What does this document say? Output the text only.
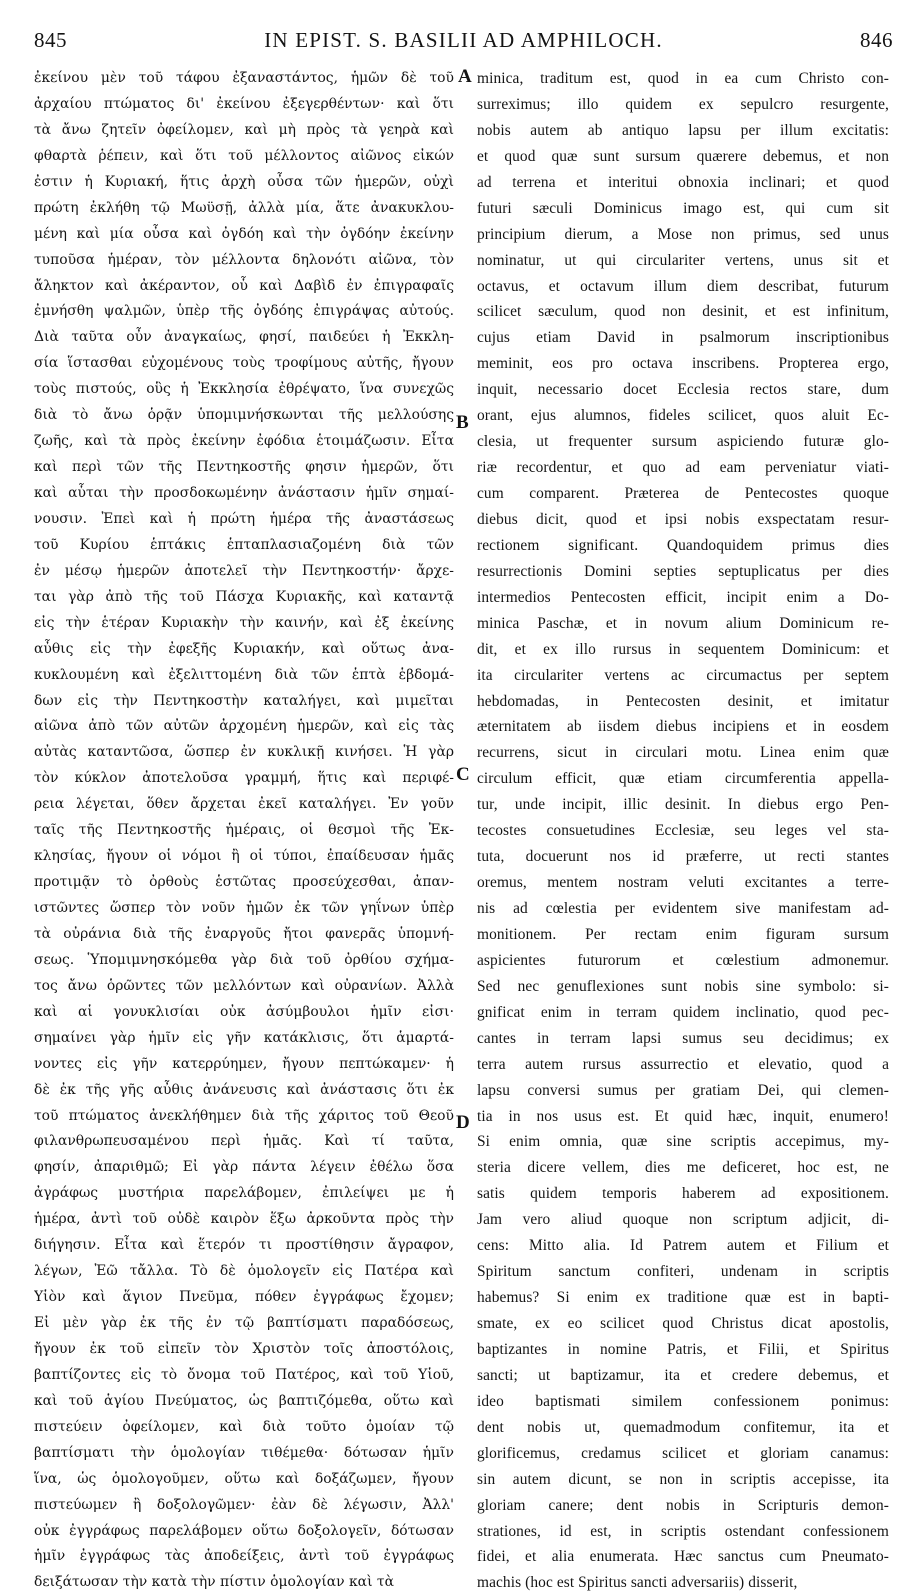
845	IN EPIST. S. BASILII AD AMPHILOCH.	846
ἐκείνου μὲν τοῦ τάφου ἐξαναστάντος, ἡμῶν δὲ τοῦ
ἀρχαίου πτώματος δι' ἐκείνου ἐξεγερθέντων· καὶ ὅτι
τὰ ἄνω ζητεῖν ὀφείλομεν, καὶ μὴ πρὸς τὰ γεηρὰ καὶ
φθαρτὰ ῥέπειν, καὶ ὅτι τοῦ μέλλοντος αἰῶνος εἰκών
ἐστιν ἡ Κυριακή, ἥτις ἀρχὴ οὖσα τῶν ἡμερῶν, οὐχὶ
πρώτη ἐκλήθη τῷ Μωϋσῇ, ἀλλὰ μία, ἅτε ἀνακυκλου-
μένη καὶ μία οὖσα καὶ ὀγδόη καὶ τὴν ὀγδόην ἐκείνην
τυποῦσα ἡμέραν, τὸν μέλλοντα δηλονότι αἰῶνα, τὸν
ἄληκτον καὶ ἀκέραντον, οὗ καὶ Δαβὶδ ἐν ἐπιγραφαῖς
ἐμνήσθη ψαλμῶν, ὑπὲρ τῆς ὀγδόης ἐπιγράψας αὐτούς.
Διὰ ταῦτα οὖν ἀναγκαίως, φησί, παιδεύει ἡ Ἐκκλη-
σία ἵστασθαι εὐχομένους τοὺς τροφίμους αὐτῆς, ἤγουν
τοὺς πιστούς, οὓς ἡ Ἐκκλησία ἐθρέψατο, ἵνα συνεχῶς
διὰ τὸ ἄνω ὁρᾷν ὑπομιμνήσκωνται τῆς μελλούσης
ζωῆς, καὶ τὰ πρὸς ἐκείνην ἐφόδια ἑτοιμάζωσιν. Εἶτα
καὶ περὶ τῶν τῆς Πεντηκοστῆς φησιν ἡμερῶν, ὅτι
καὶ αὗται τὴν προσδοκωμένην ἀνάστασιν ἡμῖν σημαί-
νουσιν. Ἐπεὶ καὶ ἡ πρώτη ἡμέρα τῆς ἀναστάσεως
τοῦ Κυρίου ἑπτάκις ἑπταπλασιαζομένη διὰ τῶν
ἐν μέσῳ ἡμερῶν ἀποτελεῖ τὴν Πεντηκοστήν· ἄρχε-
ται γὰρ ἀπὸ τῆς τοῦ Πάσχα Κυριακῆς, καὶ καταντᾷ
εἰς τὴν ἑτέραν Κυριακὴν τὴν καινήν, καὶ ἐξ ἐκείνης
αὖθις εἰς τὴν ἐφεξῆς Κυριακήν, καὶ οὕτως ἀνα-
κυκλουμένη καὶ ἐξελιττομένη διὰ τῶν ἑπτὰ ἑβδομά-
δων εἰς τὴν Πεντηκοστὴν καταλήγει, καὶ μιμεῖται
αἰῶνα ἀπὸ τῶν αὐτῶν ἀρχομένη ἡμερῶν, καὶ εἰς τὰς
αὐτὰς καταντῶσα, ὥσπερ ἐν κυκλικῇ κινήσει. Ἡ γὰρ
τὸν κύκλον ἀποτελοῦσα γραμμή, ἥτις καὶ περιφέ-
ρεια λέγεται, ὅθεν ἄρχεται ἐκεῖ καταλήγει. Ἐν γοῦν
ταῖς τῆς Πεντηκοστῆς ἡμέραις, οἱ θεσμοὶ τῆς Ἐκ-
κλησίας, ἤγουν οἱ νόμοι ἢ οἱ τύποι, ἐπαίδευσαν ἡμᾶς
προτιμᾷν τὸ ὀρθοὺς ἑστῶτας προσεύχεσθαι, ἀπαν-
ιστῶντες ὥσπερ τὸν νοῦν ἡμῶν ἐκ τῶν γηΐνων ὑπὲρ
τὰ οὐράνια διὰ τῆς ἐναργοῦς ἤτοι φανερᾶς ὑπομνή-
σεως. Ὑπομιμνησκόμεθα γὰρ διὰ τοῦ ὀρθίου σχήμα-
τος ἄνω ὁρῶντες τῶν μελλόντων καὶ οὐρανίων. Ἀλλὰ
καὶ αἱ γονυκλισίαι οὐκ ἀσύμβουλοι ἡμῖν εἰσι·
σημαίνει γὰρ ἡμῖν εἰς γῆν κατάκλισις, ὅτι ἁμαρτά-
νοντες εἰς γῆν κατερρύημεν, ἤγουν πεπτώκαμεν· ἡ
δὲ ἐκ τῆς γῆς αὖθις ἀνάνευσις καὶ ἀνάστασις ὅτι ἐκ
τοῦ πτώματος ἀνεκλήθημεν διὰ τῆς χάριτος τοῦ Θεοῦ
φιλανθρωπευσαμένου περὶ ἡμᾶς. Καὶ τί ταῦτα,
φησίν, ἀπαριθμῶ; Εἰ γὰρ πάντα λέγειν ἐθέλω ὅσα
ἀγράφως μυστήρια παρελάβομεν, ἐπιλείψει με ἡ
ἡμέρα, ἀντὶ τοῦ οὐδὲ καιρὸν ἕξω ἀρκοῦντα πρὸς τὴν
διήγησιν. Εἶτα καὶ ἕτερόν τι προστίθησιν ἄγραφον,
λέγων, Ἐῶ τἄλλα. Τὸ δὲ ὁμολογεῖν εἰς Πατέρα καὶ
Υἱὸν καὶ ἅγιον Πνεῦμα, πόθεν ἐγγράφως ἔχομεν;
Εἰ μὲν γὰρ ἐκ τῆς ἐν τῷ βαπτίσματι παραδόσεως,
ἤγουν ἐκ τοῦ εἰπεῖν τὸν Χριστὸν τοῖς ἀποστόλοις,
βαπτίζοντες εἰς τὸ ὄνομα τοῦ Πατέρος, καὶ τοῦ Υἱοῦ,
καὶ τοῦ ἁγίου Πνεύματος, ὡς βαπτιζόμεθα, οὕτω καὶ
πιστεύειν ὀφείλομεν, καὶ διὰ τοῦτο ὁμοίαν τῷ
βαπτίσματι τὴν ὁμολογίαν τιθέμεθα· δότωσαν ἡμῖν
ἵνα, ὡς ὁμολογοῦμεν, οὕτω καὶ δοξάζωμεν, ἤγουν
πιστεύωμεν ἢ δοξολογῶμεν· ἐὰν δὲ λέγωσιν, Ἀλλ'
οὐκ ἐγγράφως παρελάβομεν οὕτω δοξολογεῖν, δότωσαν
ἡμῖν ἐγγράφως τὰς ἀποδείξεις, ἀντὶ τοῦ ἐγγράφως
δειξάτωσαν τὴν κατὰ τὴν πίστιν ὁμολογίαν καὶ τὰ
minica, traditum est, quod in ea cum Christo con-
surreximus; illo quidem ex sepulcro resurgente,
nobis autem ab antiquo lapsu per illum excitatis:
et quod quæ sunt sursum quærere debemus, et non
ad terrena et interitui obnoxia inclinari; et quod
futuri sæculi Dominicus imago est, qui cum sit
principium dierum, a Mose non primus, sed unus
nominatur, ut qui circulariter vertens, unus sit et
octavus, et octavum illum diem describat, futurum
scilicet sæculum, quod non desinit, et est infinitum,
cujus etiam David in psalmorum inscriptionibus
meminit, eos pro octava inscribens. Propterea ergo,
inquit, necessario docet Ecclesia rectos stare, dum
orant, ejus alumnos, fideles scilicet, quos aluit Ec-
clesia, ut frequenter sursum aspiciendo futuræ glo-
riæ recordentur, et quo ad eam perveniatur viati-
cum comparent. Præterea de Pentecostes quoque
diebus dicit, quod et ipsi nobis exspectatam resur-
rectionem significant. Quandoquidem primus dies
resurrectionis Domini septies septuplicatus per dies
intermedios Pentecosten efficit, incipit enim a Do-
minica Paschæ, et in novum alium Dominicum re-
dit, et ex illo rursus in sequentem Dominicum: et
ita circulariter vertens ac circumactus per septem
hebdomadas, in Pentecosten desinit, et imitatur
æternitatem ab iisdem diebus incipiens et in eosdem
recurrens, sicut in circulari motu. Linea enim quæ
circulum efficit, quæ etiam circumferentia appella-
tur, unde incipit, illic desinit. In diebus ergo Pen-
tecostes consuetudines Ecclesiæ, seu leges vel sta-
tuta, docuerunt nos id præferre, ut recti stantes
oremus, mentem nostram veluti excitantes a terre-
nis ad cœlestia per evidentem sive manifestam ad-
monitionem. Per rectam enim figuram sursum
aspicientes futurorum et cœlestium admonemur.
Sed nec genuflexiones sunt nobis sine symbolo: si-
gnificat enim in terram quidem inclinatio, quod pec-
cantes in terram lapsi sumus seu decidimus; ex
terra autem rursus assurrectio et elevatio, quod a
lapsu conversi sumus per gratiam Dei, qui clemen-
tia in nos usus est. Et quid hæc, inquit, enumero!
Si enim omnia, quæ sine scriptis accepimus, my-
steria dicere vellem, dies me deficeret, hoc est, ne
satis quidem temporis haberem ad expositionem.
Jam vero aliud quoque non scriptum adjicit, di-
cens: Mitto alia. Id Patrem autem et Filium et
Spiritum sanctum confiteri, undenam in scriptis
habemus? Si enim ex traditione quæ est in bapti-
smate, ex eo scilicet quod Christus dicat apostolis,
baptizantes in nomine Patris, et Filii, et Spiritus
sancti; ut baptizamur, ita et credere debemus, et
ideo baptismati similem confessionem ponimus:
dent nobis ut, quemadmodum confitemur, ita et
glorificemus, credamus scilicet et gloriam canamus:
sin autem dicunt, se non in scriptis accepisse, ita
gloriam canere; dent nobis in Scripturis demon-
strationes, id est, in scriptis ostendant confessionem
fidei, et alia enumerata. Hæc sanctus cum Pneumato-
machis (hoc est Spiritus sancti adversariis) disserit,
A
B
C
D
